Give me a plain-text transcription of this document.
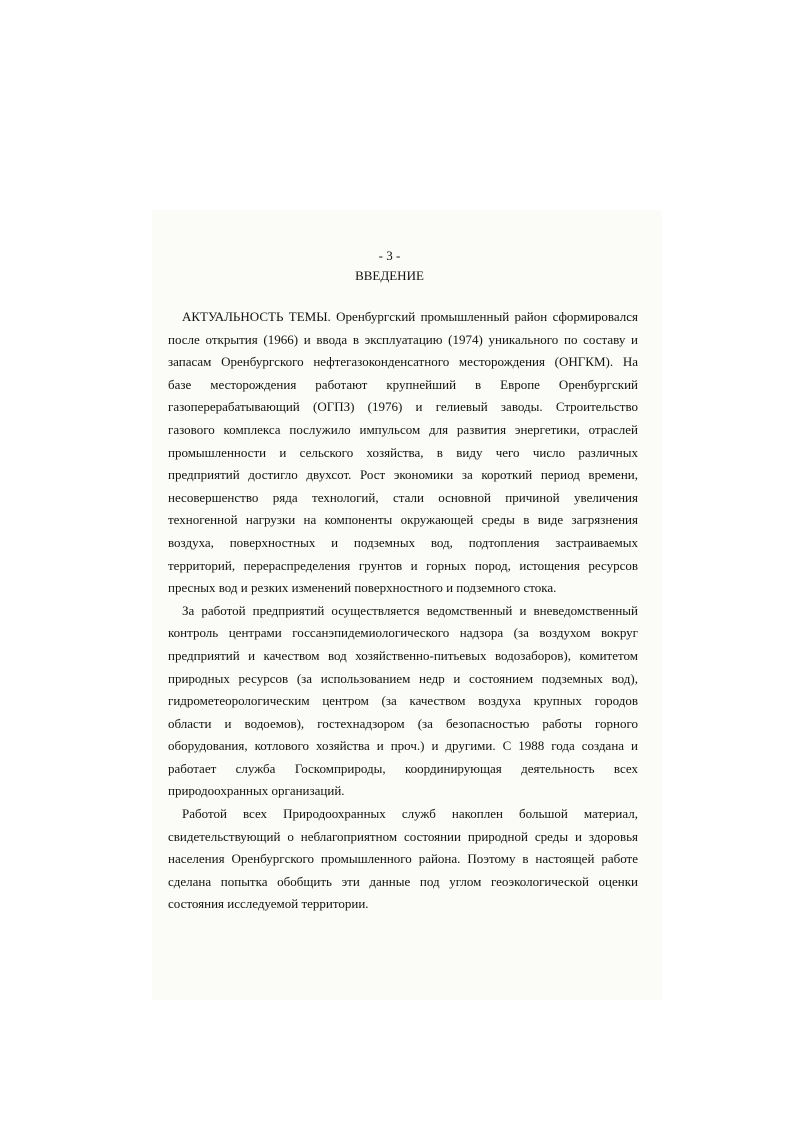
- 3 -
ВВЕДЕНИЕ
АКТУАЛЬНОСТЬ ТЕМЫ. Оренбургский промышленный район сформировался
после открытия (1966) и ввода в эксплуатацию (1974) уникального по составу и
запасам Оренбургского нефтегазоконденсатного месторождения (ОНГКМ). На
базе месторождения работают крупнейший в Европе Оренбургский
газоперерабатывающий (ОГПЗ) (1976) и гелиевый заводы. Строительство
газового комплекса послужило импульсом для развития энергетики, отраслей
промышленности и сельского хозяйства, в виду чего число различных
предприятий достигло двухсот. Рост экономики за короткий период времени,
несовершенство ряда технологий, стали основной причиной увеличения
техногенной нагрузки на компоненты окружающей среды в виде загрязнения
воздуха, поверхностных и подземных вод, подтопления застраиваемых
территорий, перераспределения грунтов и горных пород, истощения ресурсов
пресных вод и резких изменений поверхностного и подземного стока.
За работой предприятий осуществляется ведомственный и вневедомственный
контроль центрами госсанэпидемиологического надзора (за воздухом вокруг
предприятий и качеством вод хозяйственно-питьевых водозаборов), комитетом
природных ресурсов (за использованием недр и состоянием подземных вод),
гидрометеорологическим центром (за качеством воздуха крупных городов
области и водоемов), гостехнадзором (за безопасностью работы горного
оборудования, котлового хозяйства и проч.) и другими. С 1988 года создана и
работает служба Госкомприроды, координирующая деятельность всех
природоохранных организаций.
Работой всех Природоохранных служб накоплен большой материал,
свидетельствующий о неблагоприятном состоянии природной среды и здоровья
населения Оренбургского промышленного района. Поэтому в настоящей работе
сделана попытка обобщить эти данные под углом геоэкологической оценки
состояния исследуемой территории.
